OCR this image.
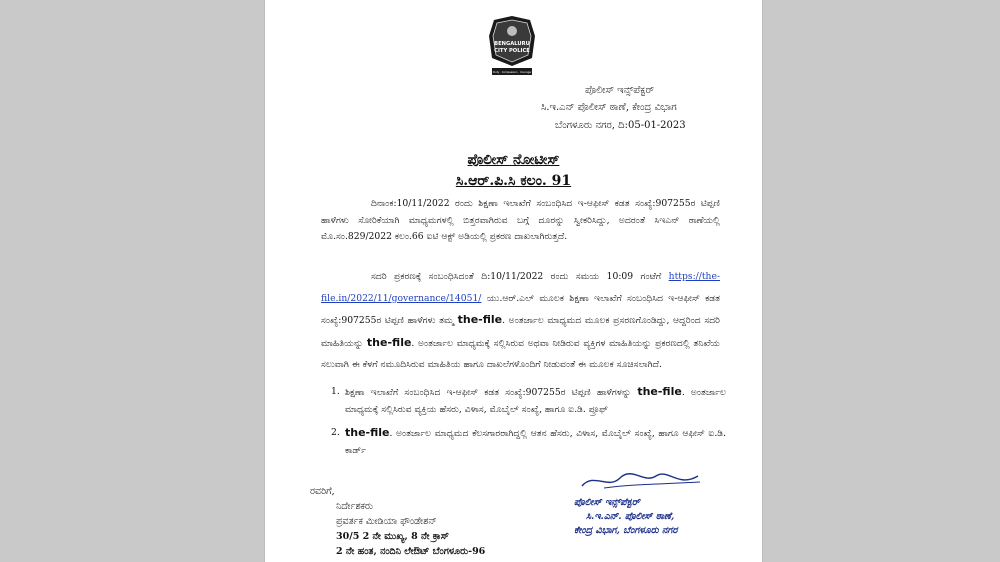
BENGALURU
CITY POLICE
Duty · Compassion · Courage
ಪೊಲೀಸ್ ಇನ್ಸ್‌ಪೆಕ್ಟರ್
ಸಿ.ಇ.ಎನ್ ಪೊಲೀಸ್ ಠಾಣೆ, ಕೇಂದ್ರ ವಿಭಾಗ
ಬೆಂಗಳೂರು ನಗರ, ದಿ:05-01-2023
ಪೊಲೀಸ್ ನೋಟೀಸ್
ಸಿ.ಆರ್.ಪಿ.ಸಿ ಕಲಂ. 91
ದಿನಾಂಕ:10/11/2022 ರಂದು ಶಿಕ್ಷಣಾ ಇಲಾಖೆಗೆ ಸಂಬಂಧಿಸಿದ ಇ-ಆಫೀಸ್ ಕಡತ ಸಂಖ್ಯೆ:907255ರ ಟಿಪ್ಪಣಿ ಹಾಳೆಗಳು ಸೋರಿಕೆಯಾಗಿ ಮಾಧ್ಯಮಗಳಲ್ಲಿ ಬಿತ್ತರವಾಗಿರುವ ಬಗ್ಗೆ ದೂರನ್ನು ಸ್ವೀಕರಿಸಿದ್ದು, ಅದರಂತೆ ಸಿಇಎನ್ ಠಾಣೆಯಲ್ಲಿ ಮೊ.ಸಂ.829/2022 ಕಲಂ.66 ಐಟಿ ಆಕ್ಟ್ ಅಡಿಯಲ್ಲಿ ಪ್ರಕರಣ ದಾಖಲಾಗಿರುತ್ತದೆ.
ಸದರಿ ಪ್ರಕರಣಕ್ಕೆ ಸಂಬಂಧಿಸಿದಂತೆ ದಿ:10/11/2022 ರಂದು ಸಮಯ 10:09 ಗಂಟೆಗೆ https://the-file.in/2022/11/governance/14051/ ಯು.ಆರ್.ಎಲ್ ಮೂಲಕ ಶಿಕ್ಷಣಾ ಇಲಾಖೆಗೆ ಸಂಬಂಧಿಸಿದ ಇ-ಆಫೀಸ್ ಕಡತ ಸಂಖ್ಯೆ:907255ರ ಟಿಪ್ಪಣಿ ಹಾಳೆಗಳು ತಮ್ಮ the-file. ಅಂತರ್ಜಾಲ ಮಾಧ್ಯಮದ ಮೂಲಕ ಪ್ರಸರಣಗೊಂಡಿದ್ದು, ಆದ್ದರಿಂದ ಸದರಿ ಮಾಹಿತಿಯನ್ನು the-file. ಅಂತರ್ಜಾಲ ಮಾಧ್ಯಮಕ್ಕೆ ಸಲ್ಲಿಸಿರುವ ಅಥವಾ ನೀಡಿರುವ ವ್ಯಕ್ತಿಗಳ ಮಾಹಿತಿಯನ್ನು ಪ್ರಕರಣದಲ್ಲಿ ತನಿಖೆಯ ಸಲುವಾಗಿ ಈ ಕೆಳಗೆ ನಮೂದಿಸಿರುವ ಮಾಹಿತಿಯ ಹಾಗೂ ದಾಖಲೆಗಳೊಂದಿಗೆ ನೀಡುವಂತೆ ಈ ಮೂಲಕ ಸೂಚಿಸಲಾಗಿದೆ.
1. ಶಿಕ್ಷಣಾ ಇಲಾಖೆಗೆ ಸಂಬಂಧಿಸಿದ ಇ-ಆಫೀಸ್ ಕಡತ ಸಂಖ್ಯೆ:907255ರ ಟಿಪ್ಪಣಿ ಹಾಳೆಗಳನ್ನು the-file. ಅಂತರ್ಜಾಲ ಮಾಧ್ಯಮಕ್ಕೆ ಸಲ್ಲಿಸಿರುವ ವ್ಯಕ್ತಿಯ ಹೆಸರು, ವಿಳಾಸ, ಮೊಬೈಲ್ ಸಂಖ್ಯೆ, ಹಾಗೂ ಐ.ಡಿ. ಪ್ರೂಫ್
2. the-file. ಅಂತರ್ಜಾಲ ಮಾಧ್ಯಮದ ಕೆಲಸಗಾರರಾಗಿದ್ದಲ್ಲಿ ಆತನ ಹೆಸರು, ವಿಳಾಸ, ಮೊಬೈಲ್ ಸಂಖ್ಯೆ, ಹಾಗೂ ಆಫೀಸ್ ಐ.ಡಿ. ಕಾರ್ಡ್
ಪೊಲೀಸ್ ಇನ್ಸ್‌ಪೆಕ್ಟರ್
ಸಿ.ಇ.ಎನ್. ಪೊಲೀಸ್ ಠಾಣೆ,
ಕೇಂದ್ರ ವಿಭಾಗ, ಬೆಂಗಳೂರು ನಗರ
ರವರಿಗೆ,
ನಿರ್ದೇಶಕರು
ಪ್ರವರ್ತಕ ಮೀಡಿಯಾ ಫೌಂಡೇಶನ್
30/5 2 ನೇ ಮುಖ್ಯ, 8 ನೇ ಕ್ರಾಸ್
2 ನೇ ಹಂತ, ನಂದಿನಿ ಲೇಔಟ್ ಬೆಂಗಳೂರು-96
